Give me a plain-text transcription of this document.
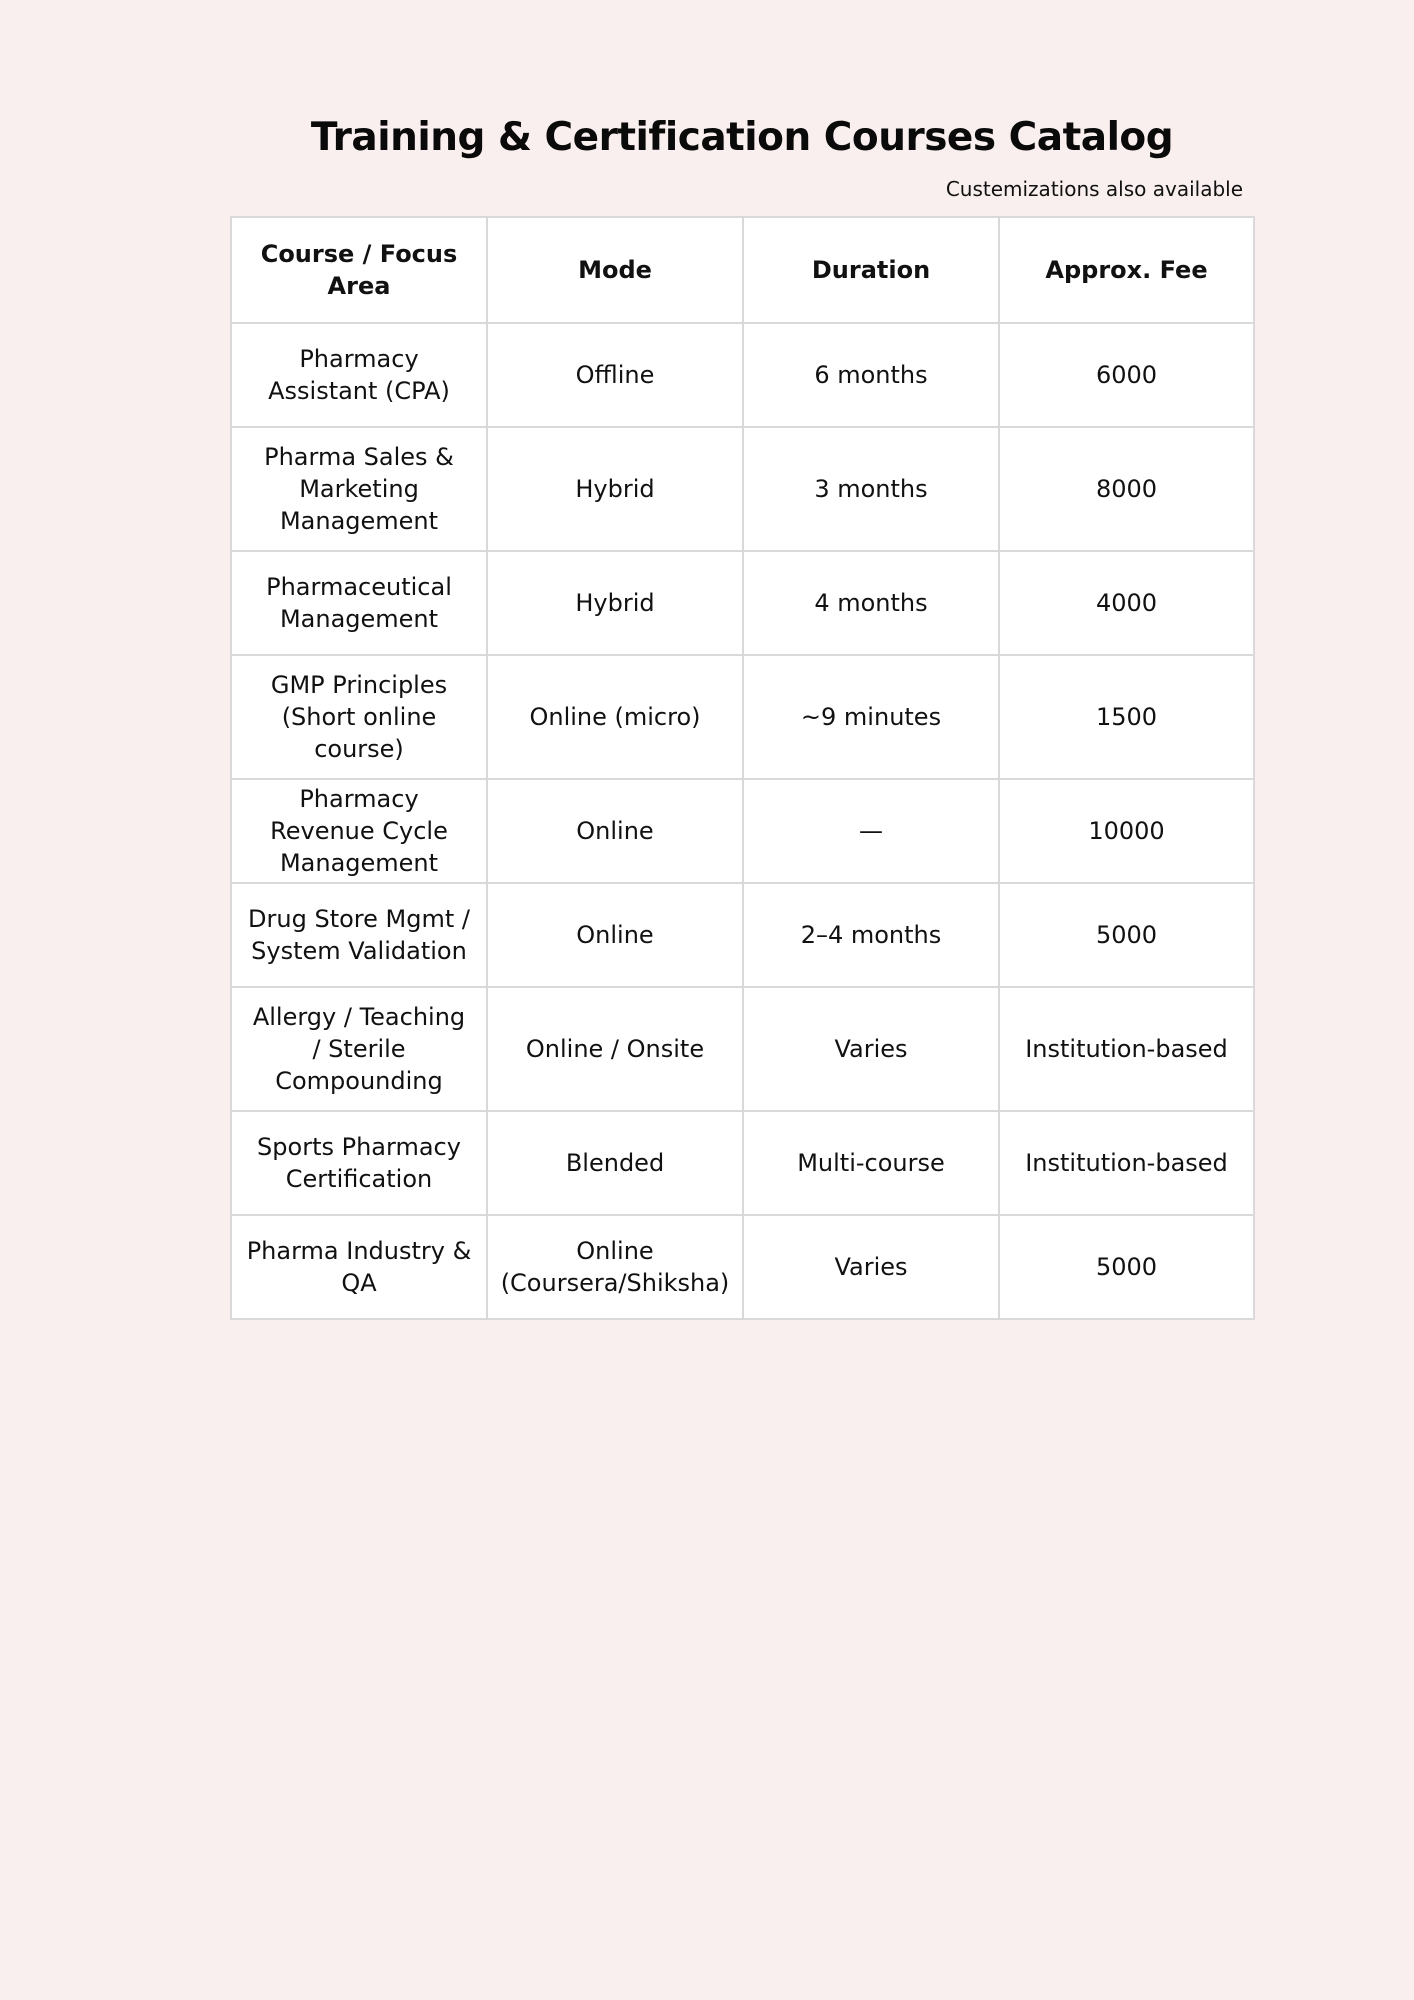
Training & Certification Courses Catalog

Custemizations also available

Course / Focus Area	Mode	Duration	Approx. Fee
Pharmacy Assistant (CPA)	Offline	6 months	6000
Pharma Sales & Marketing Management	Hybrid	3 months	8000
Pharmaceutical Management	Hybrid	4 months	4000
GMP Principles (Short online course)	Online (micro)	~9 minutes	1500
Pharmacy Revenue Cycle Management	Online	—	10000
Drug Store Mgmt / System Validation	Online	2–4 months	5000
Allergy / Teaching / Sterile Compounding	Online / Onsite	Varies	Institution-based
Sports Pharmacy Certification	Blended	Multi-course	Institution-based
Pharma Industry & QA	Online (Coursera/Shiksha)	Varies	5000
